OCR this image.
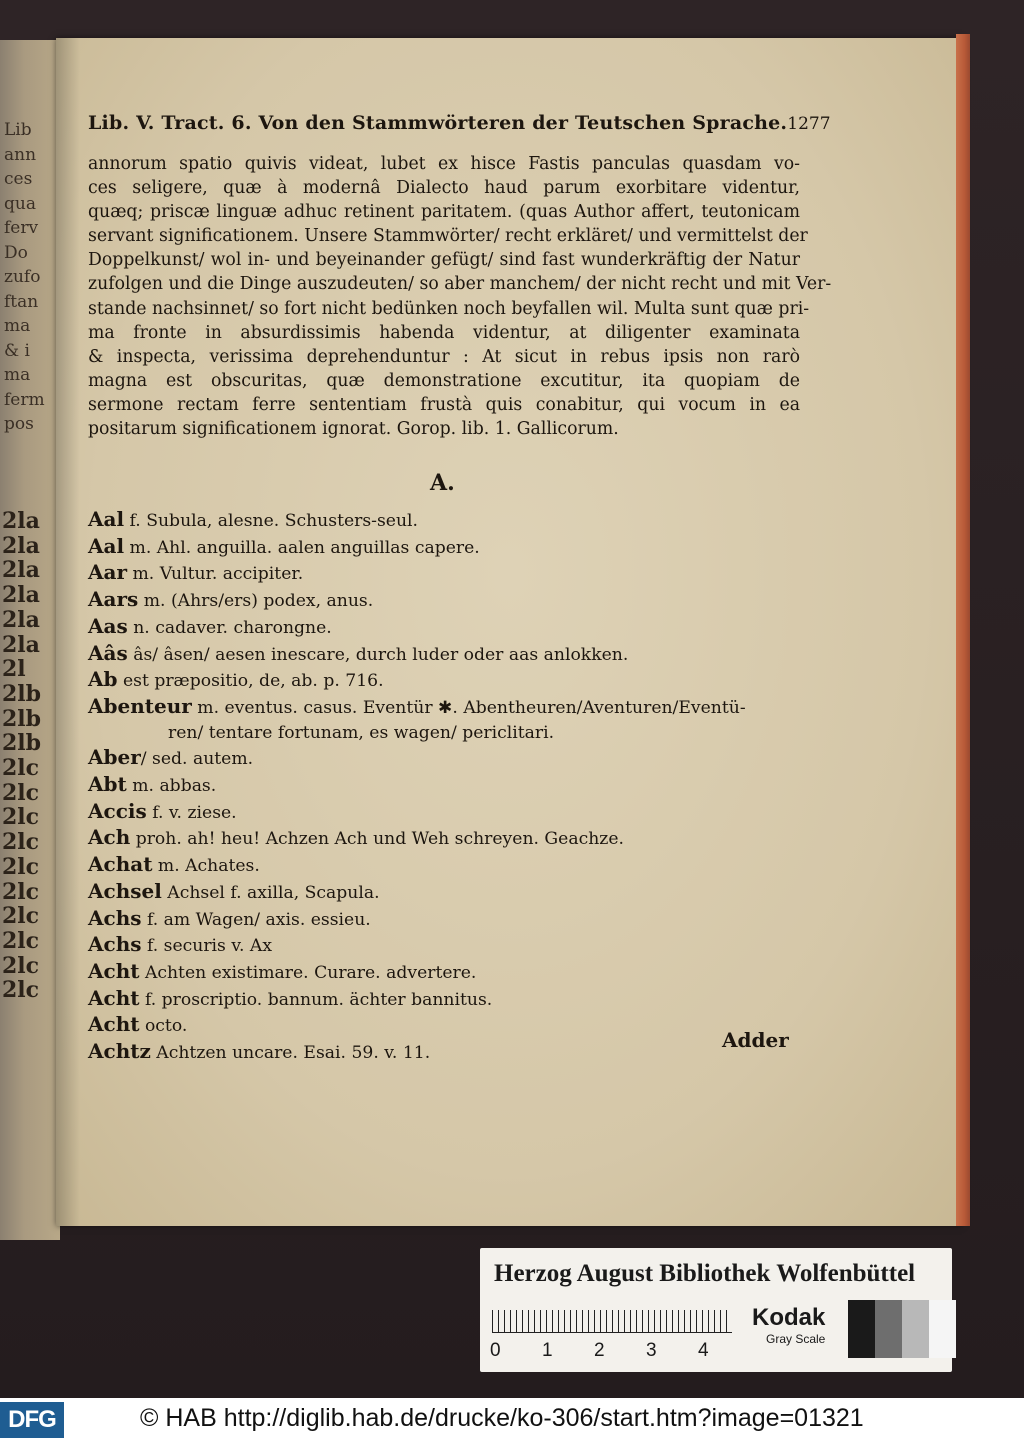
Lib
ann
ces
qua
ferv
Do
zufo
ftan
ma
& i
ma
ferm
pos
2la
2la
2la
2la
2la
2la
2l
2lb
2lb
2lb
2lc
2lc
2lc
2lc
2lc
2lc
2lc
2lc
2lc
2lc
Lib. V. Tract. 6. Von den Stammwörteren der Teutschen Sprache. 1277
annorum spatio quivis videat, lubet ex hisce Fastis panculas quasdam vo-
ces seligere, quæ à modernâ Dialecto haud parum exorbitare videntur,
quæq; priscæ linguæ adhuc retinent paritatem. (quas Author affert, teutonicam
servant significationem. Unsere Stammwörter/ recht erkläret/ und vermittelst der
Doppelkunst/ wol in- und beyeinander gefügt/ sind fast wunderkräftig der Natur
zufolgen und die Dinge auszudeuten/ so aber manchem/ der nicht recht und mit Ver-
stande nachsinnet/ so fort nicht bedünken noch beyfallen wil. Multa sunt quæ pri-
ma fronte in absurdissimis habenda videntur, at diligenter examinata
& inspecta, verissima deprehenduntur : At sicut in rebus ipsis non rarò
magna est obscuritas, quæ demonstratione excutitur, ita quopiam de
sermone rectam ferre sententiam frustà quis conabitur, qui vocum in ea
positarum significationem ignorat. Gorop. lib. 1. Gallicorum.
A.
Aal f. Subula, alesne. Schusters-seul.
Aal m. Ahl. anguilla. aalen anguillas capere.
Aar m. Vultur. accipiter.
Aars m. (Ahrs/ers) podex, anus.
Aas n. cadaver. charongne.
Aâs âs/ âsen/ aesen inescare, durch luder oder aas anlokken.
Ab est præpositio, de, ab. p. 716.
Abenteur m. eventus. casus. Eventür ✱. Abentheuren/Aventuren/Eventü-
ren/ tentare fortunam, es wagen/ periclitari.
Aber/ sed. autem.
Abt m. abbas.
Accis f. v. ziese.
Ach proh. ah! heu! Achzen Ach und Weh schreyen. Geachze.
Achat m. Achates.
Achsel Achsel f. axilla, Scapula.
Achs f. am Wagen/ axis. essieu.
Achs f. securis v. Ax
Acht Achten existimare. Curare. advertere.
Acht f. proscriptio. bannum. ächter bannitus.
Acht octo.
Achtz Achtzen uncare. Esai. 59. v. 11.
Adder
Herzog August Bibliothek Wolfenbüttel
0	1	2	3	4
Kodak
Gray Scale
DFG	© HAB http://diglib.hab.de/drucke/ko-306/start.htm?image=01321
